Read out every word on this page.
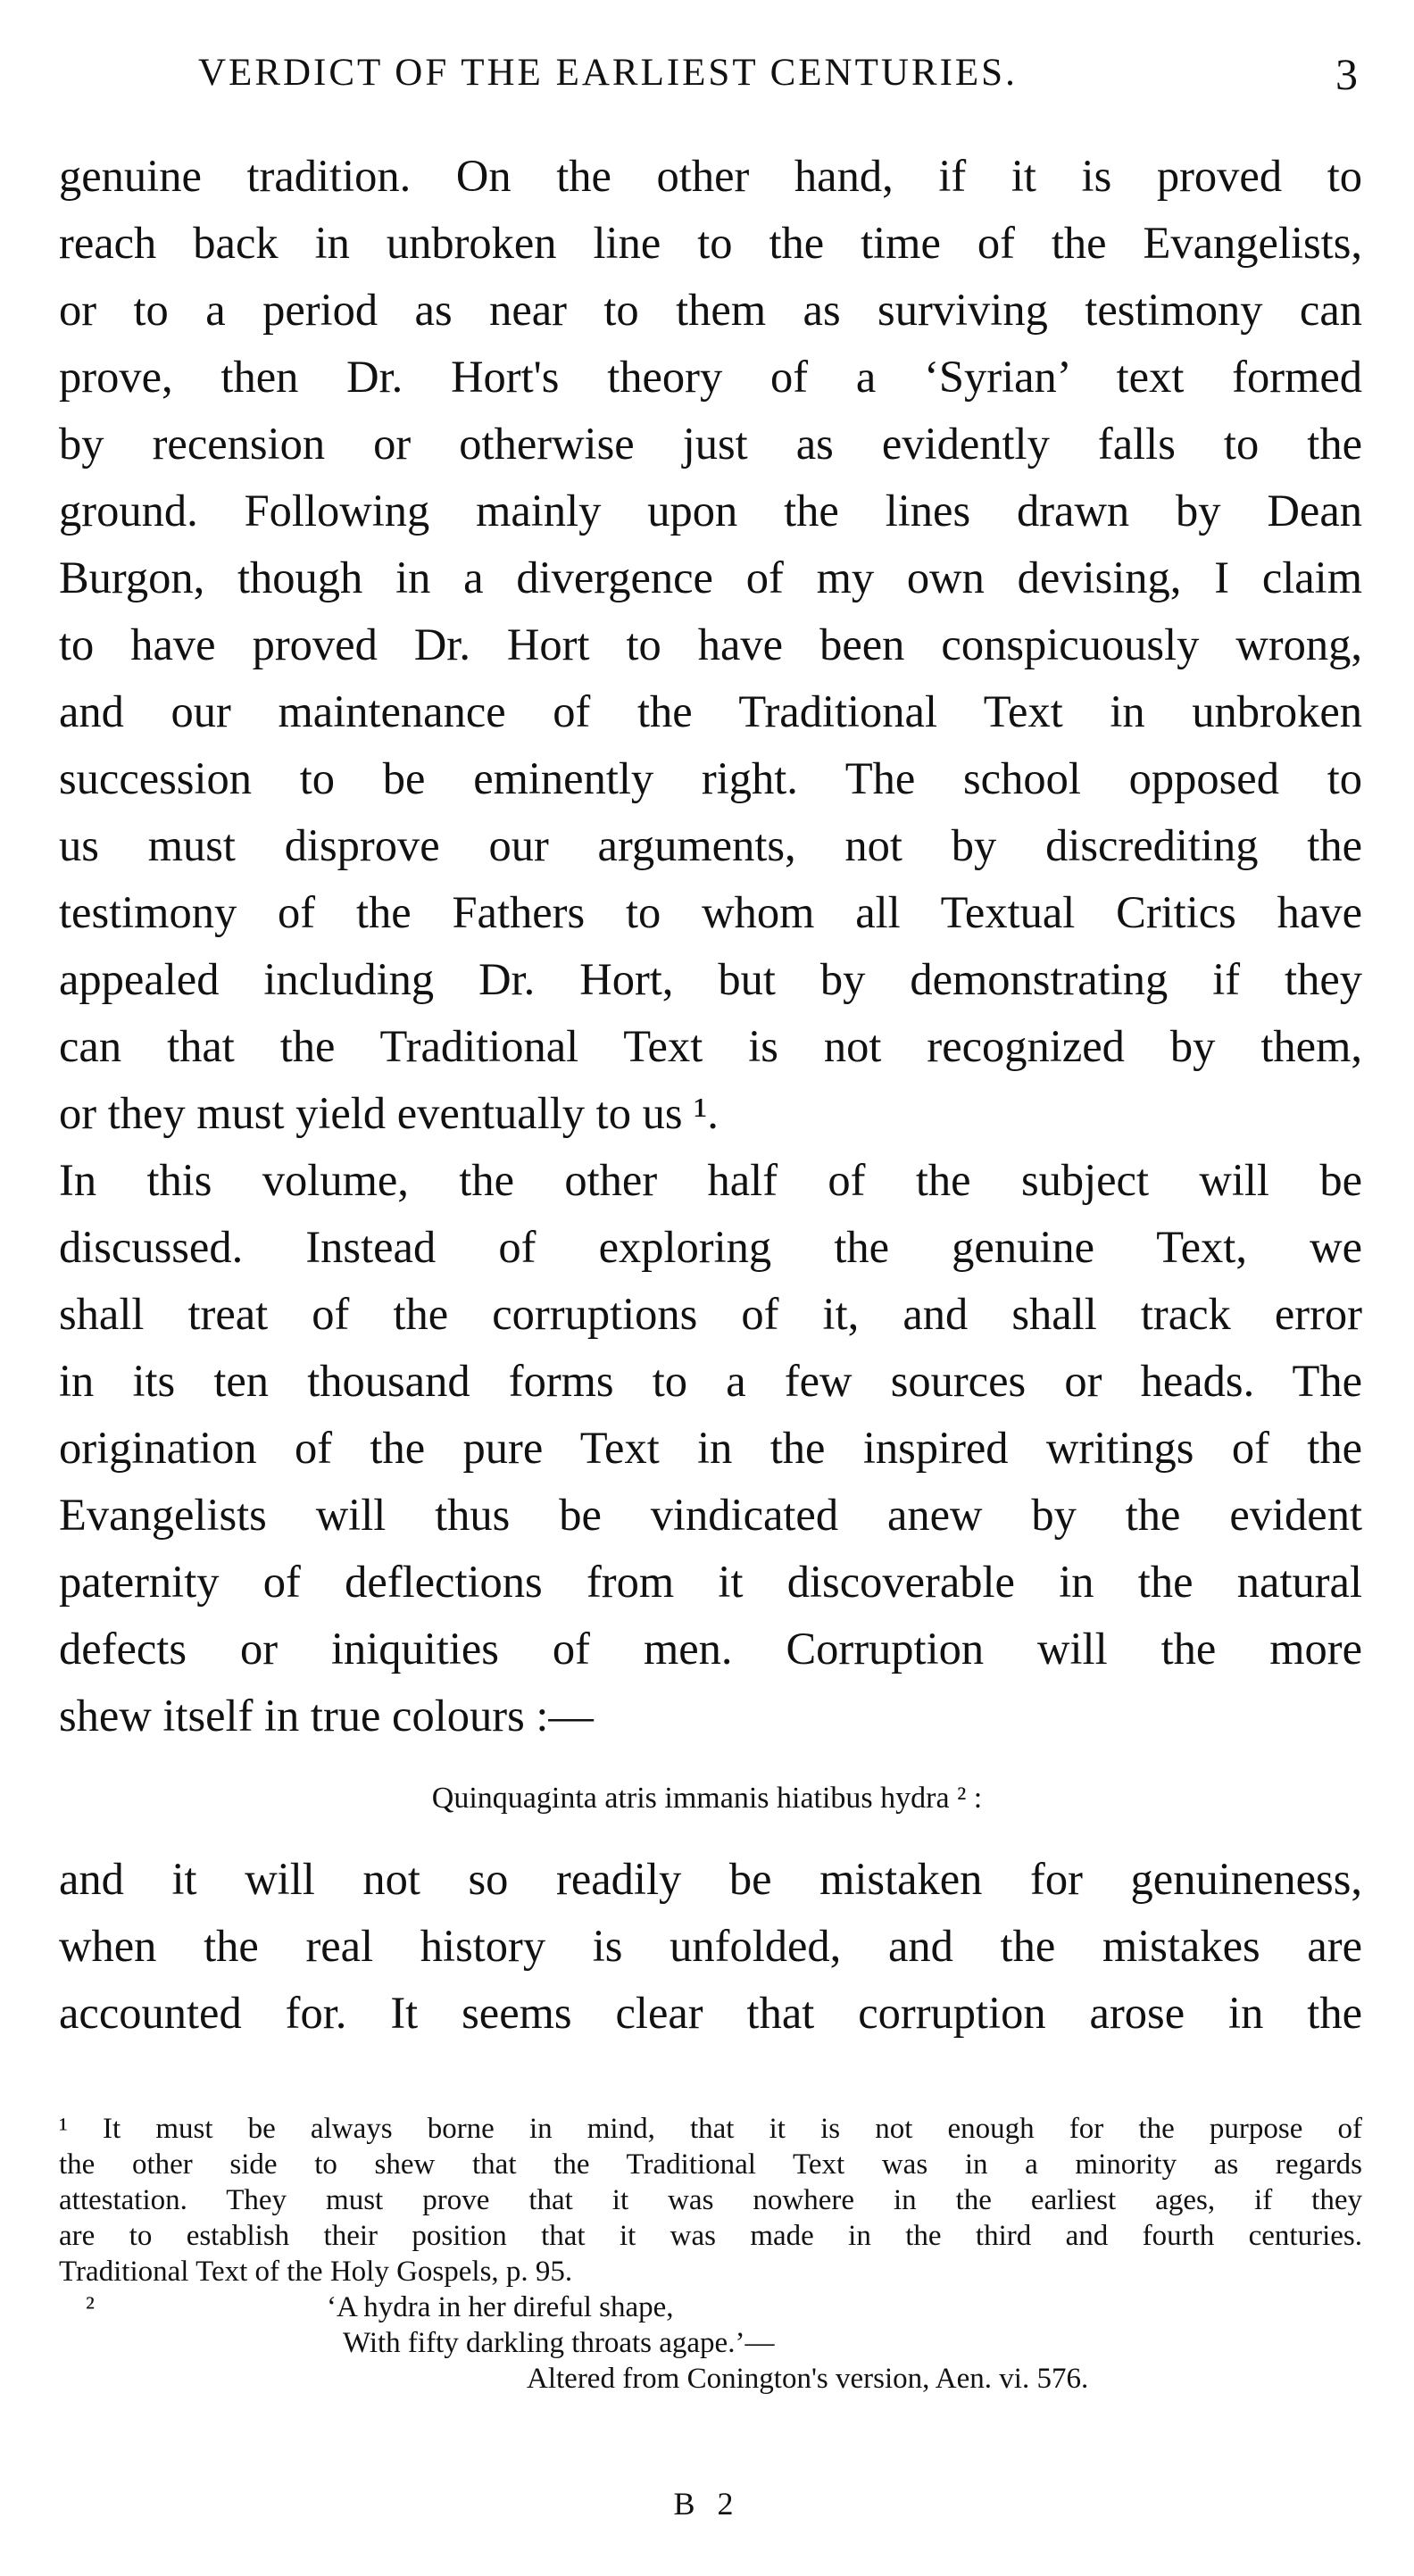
VERDICT OF THE EARLIEST CENTURIES.	3
genuine tradition. On the other hand, if it is proved to
reach back in unbroken line to the time of the Evangelists,
or to a period as near to them as surviving testimony can
prove, then Dr. Hort's theory of a ‘Syrian’ text formed
by recension or otherwise just as evidently falls to the
ground. Following mainly upon the lines drawn by Dean
Burgon, though in a divergence of my own devising, I claim
to have proved Dr. Hort to have been conspicuously wrong,
and our maintenance of the Traditional Text in unbroken
succession to be eminently right. The school opposed to
us must disprove our arguments, not by discrediting the
testimony of the Fathers to whom all Textual Critics have
appealed including Dr. Hort, but by demonstrating if they
can that the Traditional Text is not recognized by them,
or they must yield eventually to us ¹.
In this volume, the other half of the subject will be
discussed. Instead of exploring the genuine Text, we
shall treat of the corruptions of it, and shall track error
in its ten thousand forms to a few sources or heads. The
origination of the pure Text in the inspired writings of the
Evangelists will thus be vindicated anew by the evident
paternity of deflections from it discoverable in the natural
defects or iniquities of men. Corruption will the more
shew itself in true colours :—
Quinquaginta atris immanis hiatibus hydra ² :
and it will not so readily be mistaken for genuineness,
when the real history is unfolded, and the mistakes are
accounted for. It seems clear that corruption arose in the
¹ It must be always borne in mind, that it is not enough for the purpose of
the other side to shew that the Traditional Text was in a minority as regards
attestation. They must prove that it was nowhere in the earliest ages, if they
are to establish their position that it was made in the third and fourth centuries.
Traditional Text of the Holy Gospels, p. 95.
²	‘A hydra in her direful shape,
With fifty darkling throats agape.’—
Altered from Conington's version, Aen. vi. 576.
B 2
